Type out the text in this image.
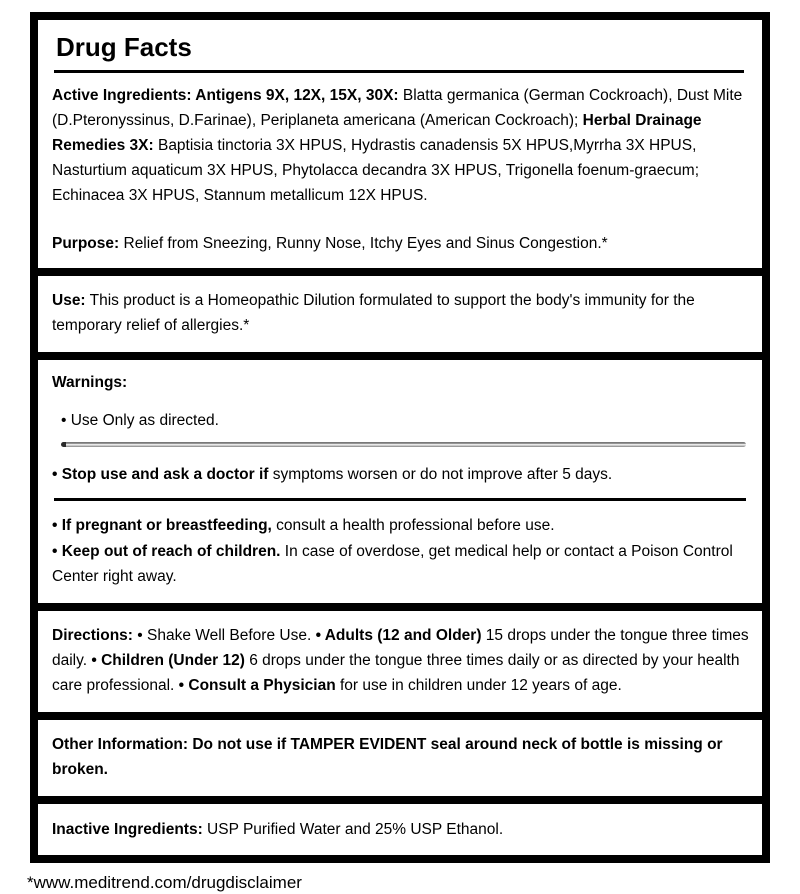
Drug Facts

Active Ingredients: Antigens 9X, 12X, 15X, 30X: Blatta germanica (German Cockroach), Dust Mite (D.Pteronyssinus, D.Farinae), Periplaneta americana (American Cockroach); Herbal Drainage Remedies 3X: Baptisia tinctoria 3X HPUS, Hydrastis canadensis 5X HPUS,Myrrha 3X HPUS, Nasturtium aquaticum 3X HPUS, Phytolacca decandra 3X HPUS, Trigonella foenum-graecum; Echinacea 3X HPUS, Stannum metallicum 12X HPUS.

Purpose: Relief from Sneezing, Runny Nose, Itchy Eyes and Sinus Congestion.*

Use: This product is a Homeopathic Dilution formulated to support the body's immunity for the temporary relief of allergies.*

Warnings:

• Use Only as directed.

• Stop use and ask a doctor if symptoms worsen or do not improve after 5 days.

• If pregnant or breastfeeding, consult a health professional before use.

• Keep out of reach of children. In case of overdose, get medical help or contact a Poison Control Center right away.

Directions: • Shake Well Before Use. • Adults (12 and Older) 15 drops under the tongue three times daily. • Children (Under 12) 6 drops under the tongue three times daily or as directed by your health care professional. • Consult a Physician for use in children under 12 years of age.

Other Information: Do not use if TAMPER EVIDENT seal around neck of bottle is missing or broken.

Inactive Ingredients: USP Purified Water and 25% USP Ethanol.

*www.meditrend.com/drugdisclaimer
